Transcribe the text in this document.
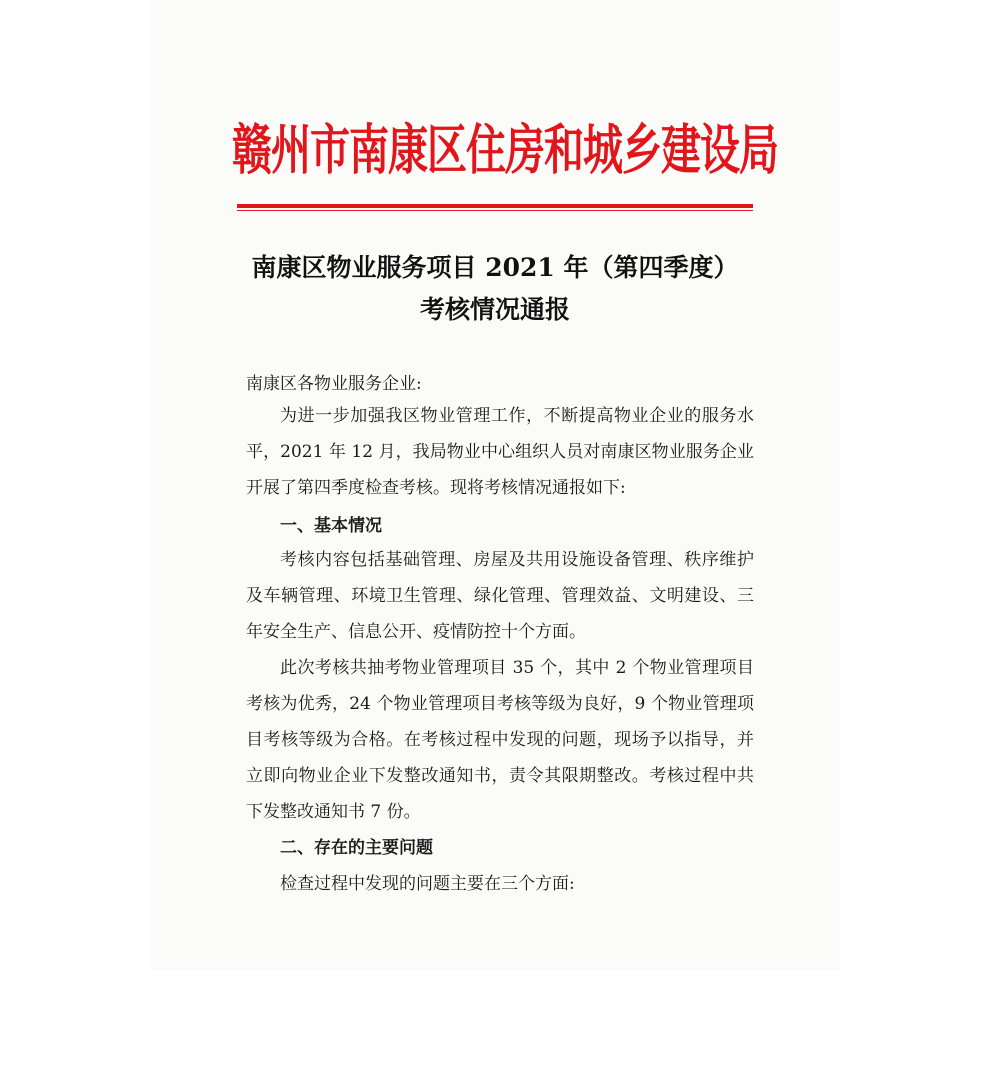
赣州市南康区住房和城乡建设局
南康区物业服务项目 2021 年（第四季度）
考核情况通报
南康区各物业服务企业:

为进一步加强我区物业管理工作，不断提高物业企业的服务水平，2021 年 12 月，我局物业中心组织人员对南康区物业服务企业开展了第四季度检查考核。现将考核情况通报如下:

一、基本情况

考核内容包括基础管理、房屋及共用设施设备管理、秩序维护及车辆管理、环境卫生管理、绿化管理、管理效益、文明建设、三年安全生产、信息公开、疫情防控十个方面。

此次考核共抽考物业管理项目 35 个，其中 2 个物业管理项目考核为优秀，24 个物业管理项目考核等级为良好，9 个物业管理项目考核等级为合格。在考核过程中发现的问题，现场予以指导，并立即向物业企业下发整改通知书，责令其限期整改。考核过程中共下发整改通知书 7 份。

二、存在的主要问题

检查过程中发现的问题主要在三个方面:
